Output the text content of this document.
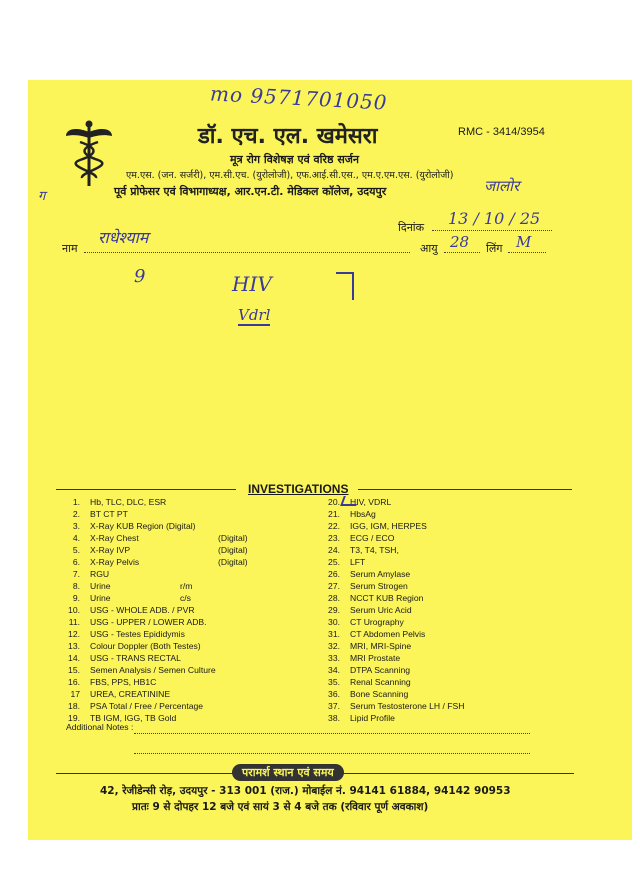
mo 9571701050
डॉ. एच. एल. खमेसरा	RMC - 3414/3954
मूत्र रोग विशेषज्ञ एवं वरिष्ठ सर्जन
एम.एस. (जन. सर्जरी), एम.सी.एच. (युरोलोजी), एफ.आई.सी.एस., एम.ए.एम.एस. (युरोलोजी)
पूर्व प्रोफेसर एवं विभागाध्यक्ष, आर.एन.टी. मेडिकल कॉलेज, उदयपुर	जालोर
ग
दिनांक 13 / 10 / 25
नाम
राधेश्याम
आयु 28 लिंग M
9	HIV
Vdrl
INVESTIGATIONS
1. Hb, TLC, DLC, ESR
2. BT CT PT
3. X-Ray KUB Region (Digital)
4. X-Ray Chest	(Digital)
5. X-Ray IVP	(Digital)
6. X-Ray Pelvis	(Digital)
7. RGU
8. Urine	r/m
9. Urine	c/s
10. USG - WHOLE ADB. / PVR
11. USG - UPPER / LOWER ADB.
12. USG - Testes Epididymis
13. Colour Doppler (Both Testes)
14. USG - TRANS RECTAL
15. Semen Analysis / Semen Culture
16. FBS, PPS, HB1C
17 UREA, CREATININE
18. PSA Total / Free / Percentage
19. TB IGM, IGG, TB Gold
20. HIV, VDRL
21. HbsAg
22. IGG, IGM, HERPES
23. ECG / ECO
24. T3, T4, TSH,
25. LFT
26. Serum Amylase
27. Serum Strogen
28. NCCT KUB Region
29. Serum Uric Acid
30. CT Urography
31. CT Abdomen Pelvis
32. MRI, MRI-Spine
33. MRI Prostate
34. DTPA Scanning
35. Renal Scanning
36. Bone Scanning
37. Serum Testosterone LH / FSH
38. Lipid Profile
Additional Notes :
परामर्श स्थान एवं समय
42, रेजीडेन्सी रोड़, उदयपुर - 313 001 (राज.) मोबाईल नं. 94141 61884, 94142 90953
प्रातः 9 से दोपहर 12 बजे एवं सायं 3 से 4 बजे तक (रविवार पूर्ण अवकाश)
